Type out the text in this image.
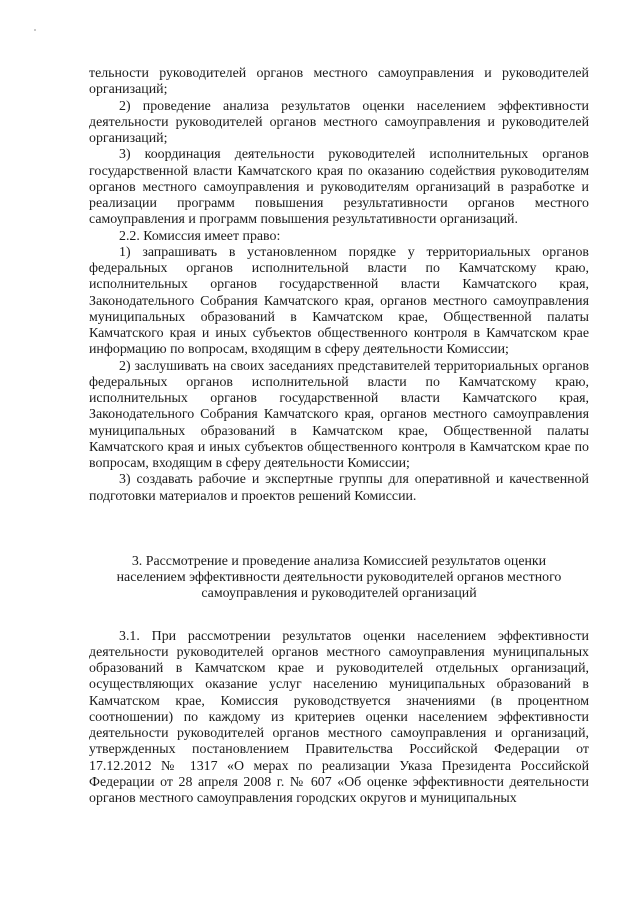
тельности руководителей органов местного самоуправления и руководителей организаций;

2) проведение анализа результатов оценки населением эффективности деятельности руководителей органов местного самоуправления и руководителей организаций;

3) координация деятельности руководителей исполнительных органов государственной власти Камчатского края по оказанию содействия руководителям органов местного самоуправления и руководителям организаций в разработке и реализации программ повышения результативности органов местного самоуправления и программ повышения результативности организаций.

2.2. Комиссия имеет право:

1) запрашивать в установленном порядке у территориальных органов федеральных органов исполнительной власти по Камчатскому краю, исполнительных органов государственной власти Камчатского края, Законодательного Собрания Камчатского края, органов местного самоуправления муниципальных образований в Камчатском крае, Общественной палаты Камчатского края и иных субъектов общественного контроля в Камчатском крае информацию по вопросам, входящим в сферу деятельности Комиссии;

2) заслушивать на своих заседаниях представителей территориальных органов федеральных органов исполнительной власти по Камчатскому краю, исполнительных органов государственной власти Камчатского края, Законодательного Собрания Камчатского края, органов местного самоуправления муниципальных образований в Камчатском крае, Общественной палаты Камчатского края и иных субъектов общественного контроля в Камчатском крае по вопросам, входящим в сферу деятельности Комиссии;

3) создавать рабочие и экспертные группы для оперативной и качественной подготовки материалов и проектов решений Комиссии.

3. Рассмотрение и проведение анализа Комиссией результатов оценки населением эффективности деятельности руководителей органов местного самоуправления и руководителей организаций

3.1. При рассмотрении результатов оценки населением эффективности деятельности руководителей органов местного самоуправления муниципальных образований в Камчатском крае и руководителей отдельных организаций, осуществляющих оказание услуг населению муниципальных образований в Камчатском крае, Комиссия руководствуется значениями (в процентном соотношении) по каждому из критериев оценки населением эффективности деятельности руководителей органов местного самоуправления и организаций, утвержденных постановлением Правительства Российской Федерации от 17.12.2012 № 1317 «О мерах по реализации Указа Президента Российской Федерации от 28 апреля 2008 г. № 607 «Об оценке эффективности деятельности органов местного самоуправления городских округов и муниципальных
